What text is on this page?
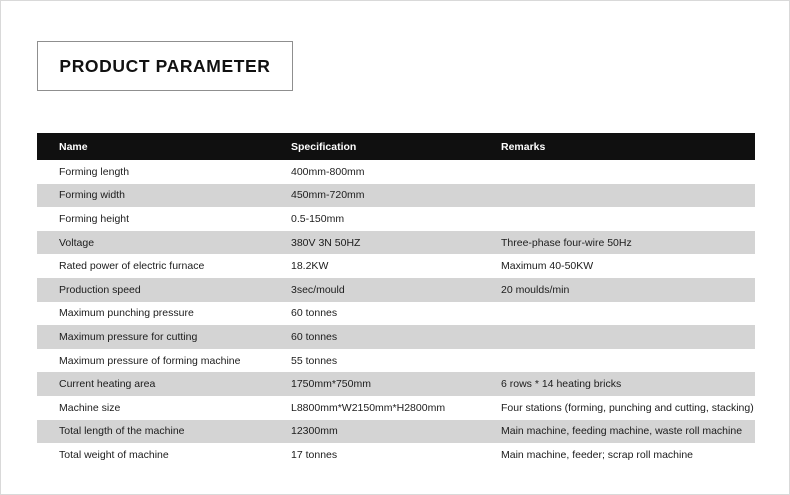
PRODUCT PARAMETER
Name	Specification	Remarks
Forming length	400mm-800mm	
Forming width	450mm-720mm	
Forming height	0.5-150mm	
Voltage	380V 3N 50HZ	Three-phase four-wire 50Hz
Rated power of electric furnace	18.2KW	Maximum 40-50KW
Production speed	3sec/mould	20 moulds/min
Maximum punching pressure	60 tonnes	
Maximum pressure for cutting	60 tonnes	
Maximum pressure of forming machine	55 tonnes	
Current heating area	1750mm*750mm	6 rows * 14 heating bricks
Machine size	L8800mm*W2150mm*H2800mm	Four stations (forming, punching and cutting, stacking)
Total length of the machine	12300mm	Main machine, feeding machine, waste roll machine
Total weight of machine	17 tonnes	Main machine, feeder; scrap roll machine
